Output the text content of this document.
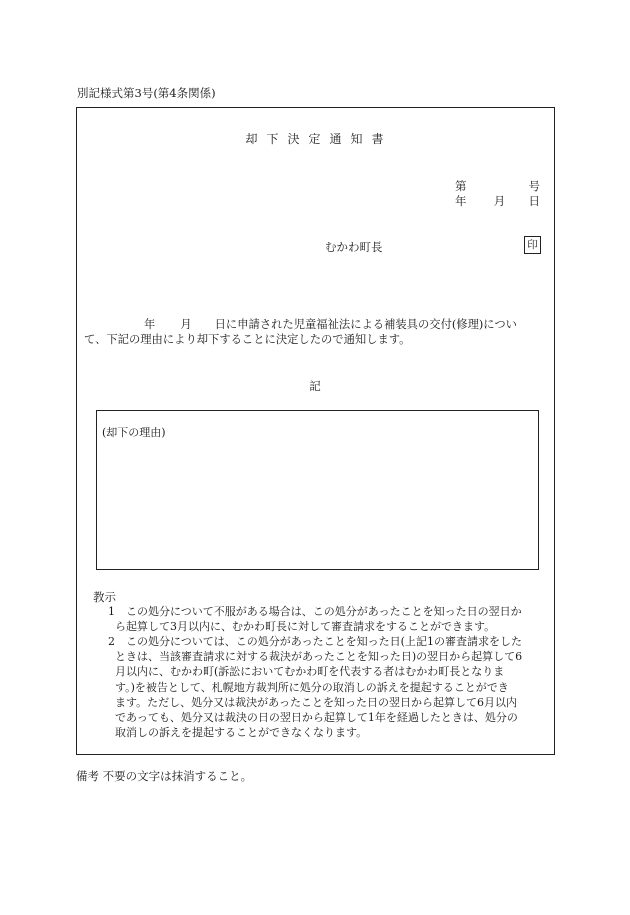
別記様式第3号(第4条関係)
却下決定通知書
第	号
年 月 日
むかわ町長	印
年 月 日に申請された児童福祉法による補装具の交付(修理)につい
て、下記の理由により却下することに決定したので通知します。
記
(却下の理由)
教示
1 この処分について不服がある場合は、この処分があったことを知った日の翌日か

ら起算して3月以内に、むかわ町長に対して審査請求をすることができます。

2 この処分については、この処分があったことを知った日(上記1の審査請求をした

ときは、当該審査請求に対する裁決があったことを知った日)の翌日から起算して6

月以内に、むかわ町(訴訟においてむかわ町を代表する者はむかわ町長となりま

す。)を被告として、札幌地方裁判所に処分の取消しの訴えを提起することができ

ます。ただし、処分又は裁決があったことを知った日の翌日から起算して6月以内

であっても、処分又は裁決の日の翌日から起算して1年を経過したときは、処分の

取消しの訴えを提起することができなくなります。

備考 不要の文字は抹消すること。
